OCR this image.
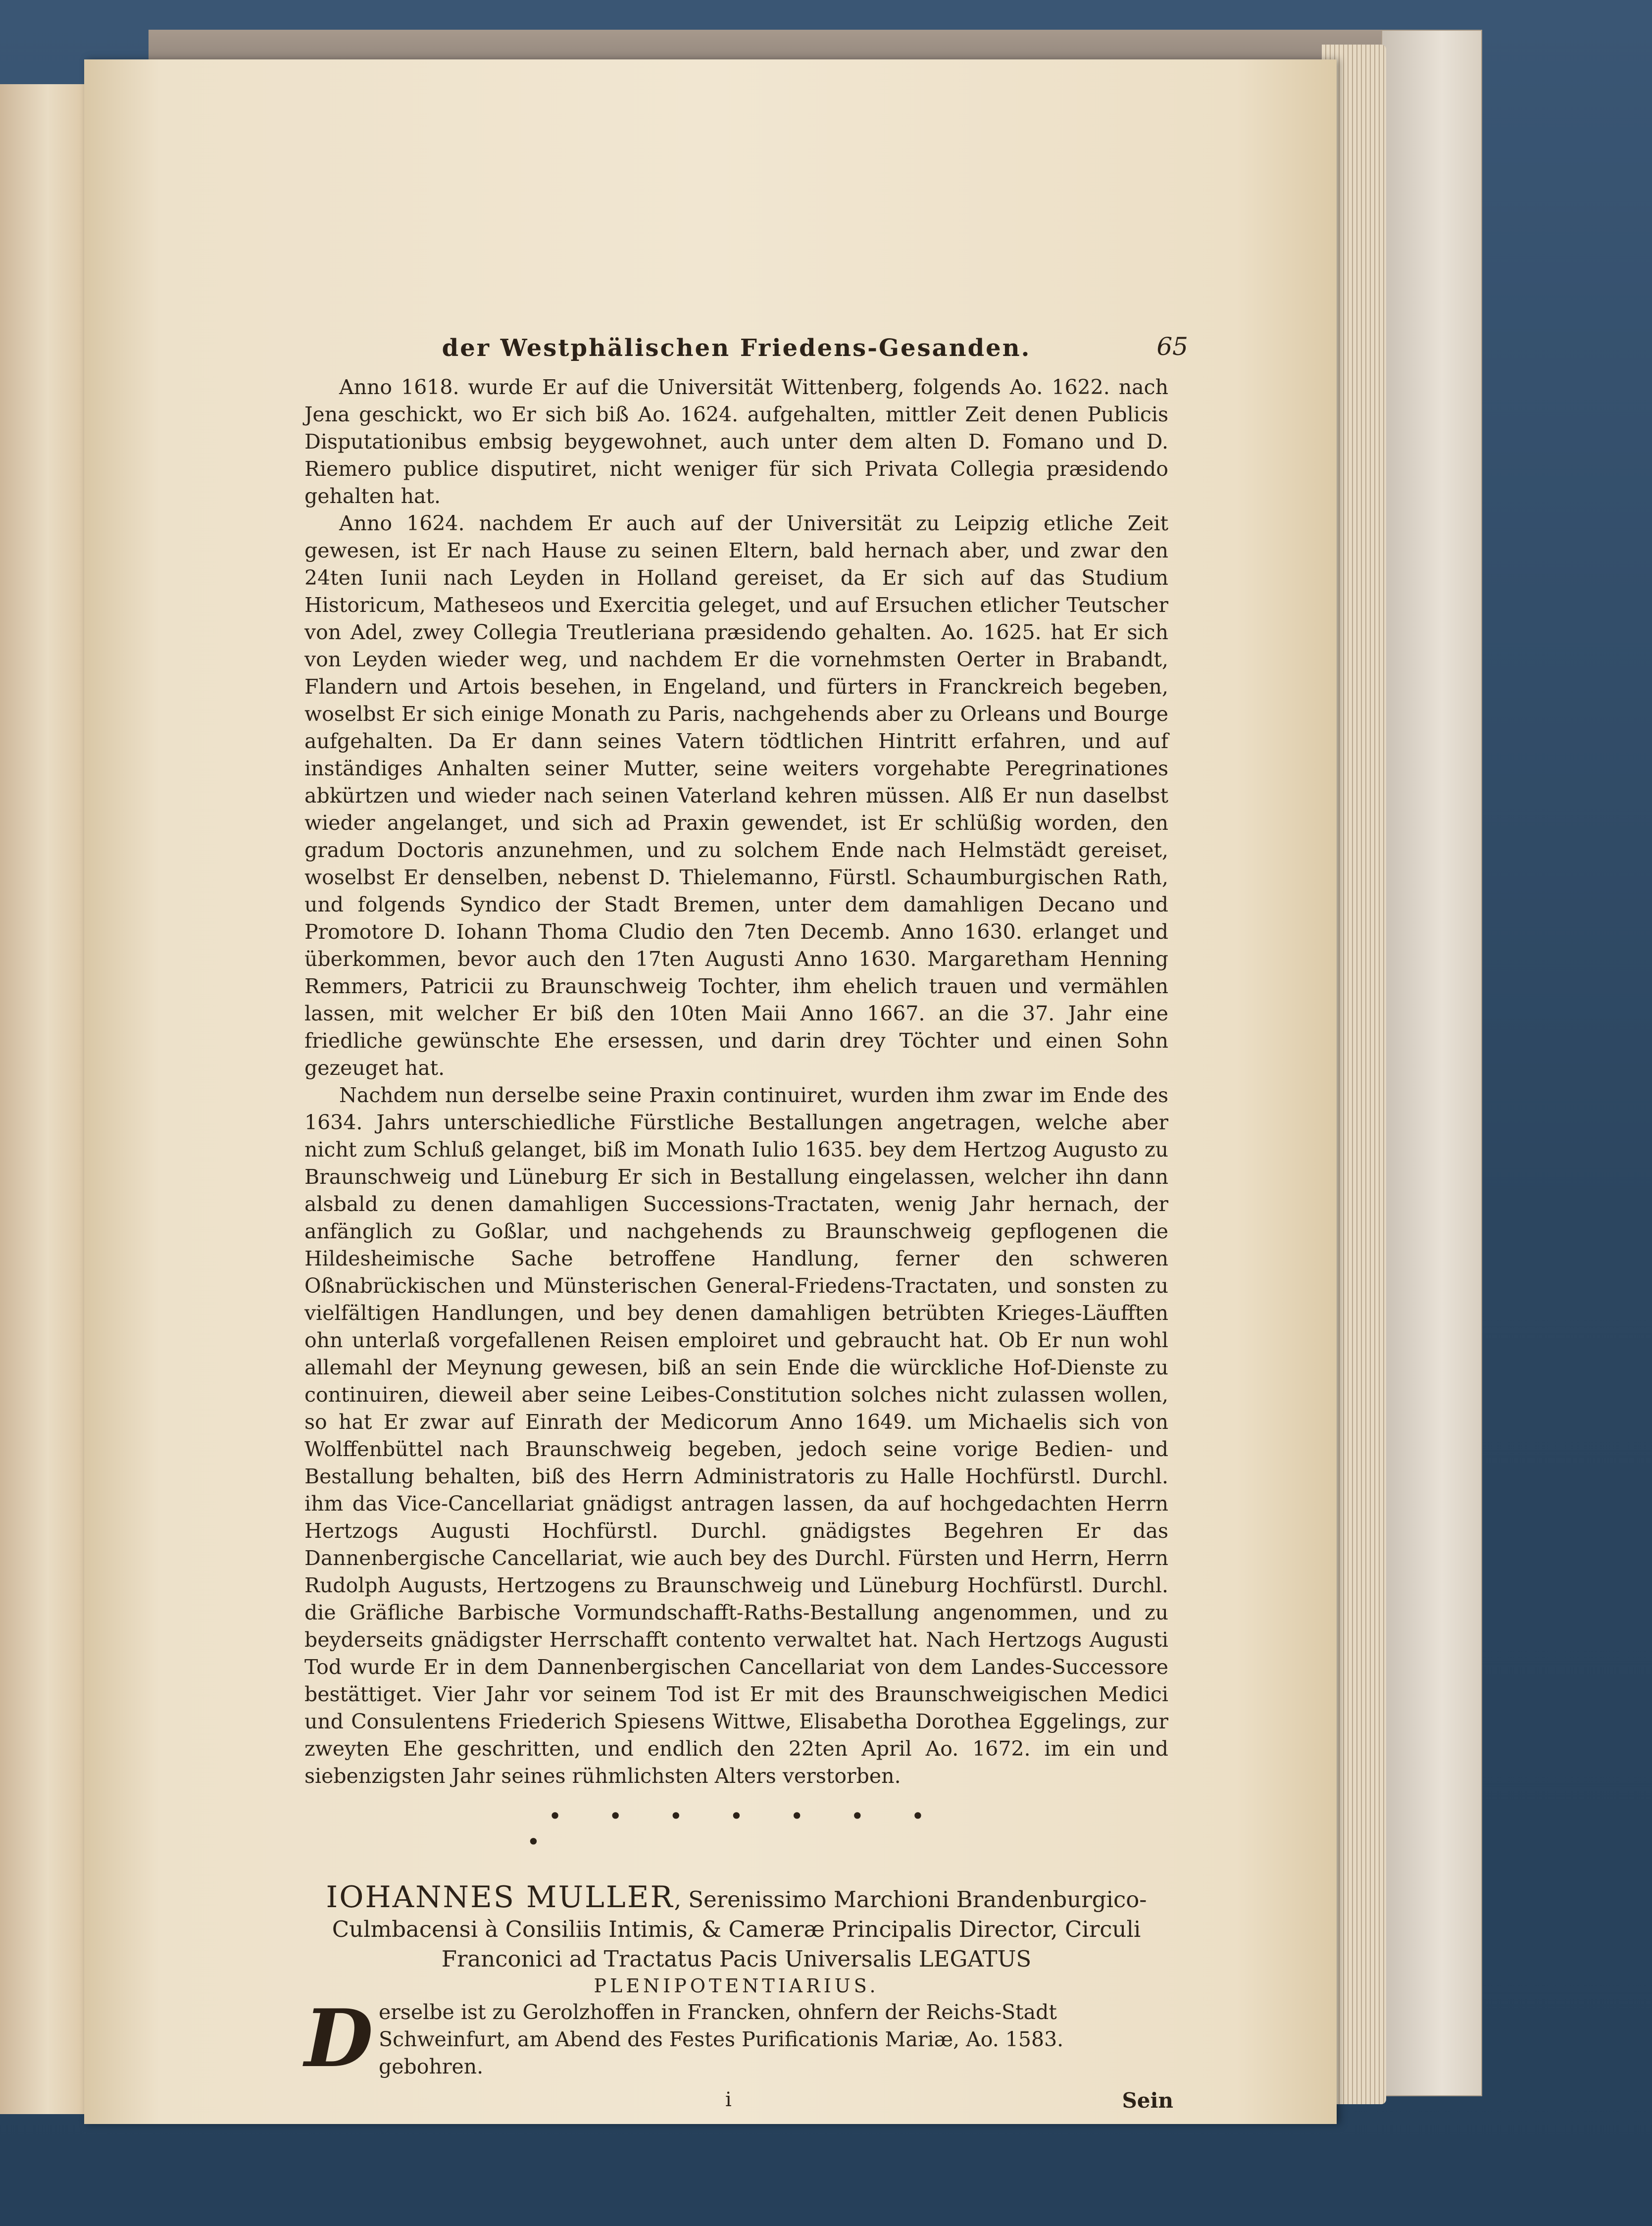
der Westphälischen Friedens-Gesanden.	65

Anno 1618. wurde Er auf die Universität Wittenberg, folgends Ao. 1622. nach Jena geschickt, wo Er sich biß Ao. 1624. aufgehalten, mittler Zeit denen Publicis Disputationibus embsig beygewohnet, auch unter dem alten D. Fomano und D. Riemero publice disputiret, nicht weniger für sich Privata Collegia præsidendo gehalten hat.

Anno 1624. nachdem Er auch auf der Universität zu Leipzig etliche Zeit gewesen, ist Er nach Hause zu seinen Eltern, bald hernach aber, und zwar den 24ten Iunii nach Leyden in Holland gereiset, da Er sich auf das Studium Historicum, Matheseos und Exercitia geleget, und auf Ersuchen etlicher Teutscher von Adel, zwey Collegia Treutleriana præsidendo gehalten. Ao. 1625. hat Er sich von Leyden wieder weg, und nachdem Er die vornehmsten Oerter in Brabandt, Flandern und Artois besehen, in Engeland, und fürters in Franckreich begeben, woselbst Er sich einige Monath zu Paris, nachgehends aber zu Orleans und Bourge aufgehalten. Da Er dann seines Vatern tödtlichen Hintritt erfahren, und auf inständiges Anhalten seiner Mutter, seine weiters vorgehabte Peregrinationes abkürtzen und wieder nach seinen Vaterland kehren müssen. Alß Er nun daselbst wieder angelanget, und sich ad Praxin gewendet, ist Er schlüßig worden, den gradum Doctoris anzunehmen, und zu solchem Ende nach Helmstädt gereiset, woselbst Er denselben, nebenst D. Thielemanno, Fürstl. Schaumburgischen Rath, und folgends Syndico der Stadt Bremen, unter dem damahligen Decano und Promotore D. Iohann Thoma Cludio den 7ten Decemb. Anno 1630. erlanget und überkommen, bevor auch den 17ten Augusti Anno 1630. Margaretham Henning Remmers, Patricii zu Braunschweig Tochter, ihm ehelich trauen und vermählen lassen, mit welcher Er biß den 10ten Maii Anno 1667. an die 37. Jahr eine friedliche gewünschte Ehe ersessen, und darin drey Töchter und einen Sohn gezeuget hat.

Nachdem nun derselbe seine Praxin continuiret, wurden ihm zwar im Ende des 1634. Jahrs unterschiedliche Fürstliche Bestallungen angetragen, welche aber nicht zum Schluß gelanget, biß im Monath Iulio 1635. bey dem Hertzog Augusto zu Braunschweig und Lüneburg Er sich in Bestallung eingelassen, welcher ihn dann alsbald zu denen damahligen Successions-Tractaten, wenig Jahr hernach, der anfänglich zu Goßlar, und nachgehends zu Braunschweig gepflogenen die Hildesheimische Sache betroffene Handlung, ferner den schweren Oßnabrückischen und Münsterischen General-Friedens-Tractaten, und sonsten zu vielfältigen Handlungen, und bey denen damahligen betrübten Krieges-Läufften ohn unterlaß vorgefallenen Reisen emploiret und gebraucht hat. Ob Er nun wohl allemahl der Meynung gewesen, biß an sein Ende die würckliche Hof-Dienste zu continuiren, dieweil aber seine Leibes-Constitution solches nicht zulassen wollen, so hat Er zwar auf Einrath der Medicorum Anno 1649. um Michaelis sich von Wolffenbüttel nach Braunschweig begeben, jedoch seine vorige Bedien- und Bestallung behalten, biß des Herrn Administratoris zu Halle Hochfürstl. Durchl. ihm das Vice-Cancellariat gnädigst antragen lassen, da auf hochgedachten Herrn Hertzogs Augusti Hochfürstl. Durchl. gnädigstes Begehren Er das Dannenbergische Cancellariat, wie auch bey des Durchl. Fürsten und Herrn, Herrn Rudolph Augusts, Hertzogens zu Braunschweig und Lüneburg Hochfürstl. Durchl. die Gräfliche Barbische Vormundschafft-Raths-Bestallung angenommen, und zu beyderseits gnädigster Herrschafft contento verwaltet hat. Nach Hertzogs Augusti Tod wurde Er in dem Dannenbergischen Cancellariat von dem Landes-Successore bestättiget. Vier Jahr vor seinem Tod ist Er mit des Braunschweigischen Medici und Consulentens Friederich Spiesens Wittwe, Elisabetha Dorothea Eggelings, zur zweyten Ehe geschritten, und endlich den 22ten April Ao. 1672. im ein und siebenzigsten Jahr seines rühmlichsten Alters verstorben.

• • • • • • •
•

IOHANNES MULLER, Serenissimo Marchioni Brandenburgico-Culmbacensi à Consiliis Intimis, & Cameræ Principalis Director, Circuli Franconici ad Tractatus Pacis Universalis LEGATUS

PLENIPOTENTIARIUS.
D erselbe ist zu Gerolzhoffen in Francken, ohnfern der Reichs-Stadt Schweinfurt, am Abend des Festes Purificationis Mariæ, Ao. 1583. gebohren.
i	Sein
